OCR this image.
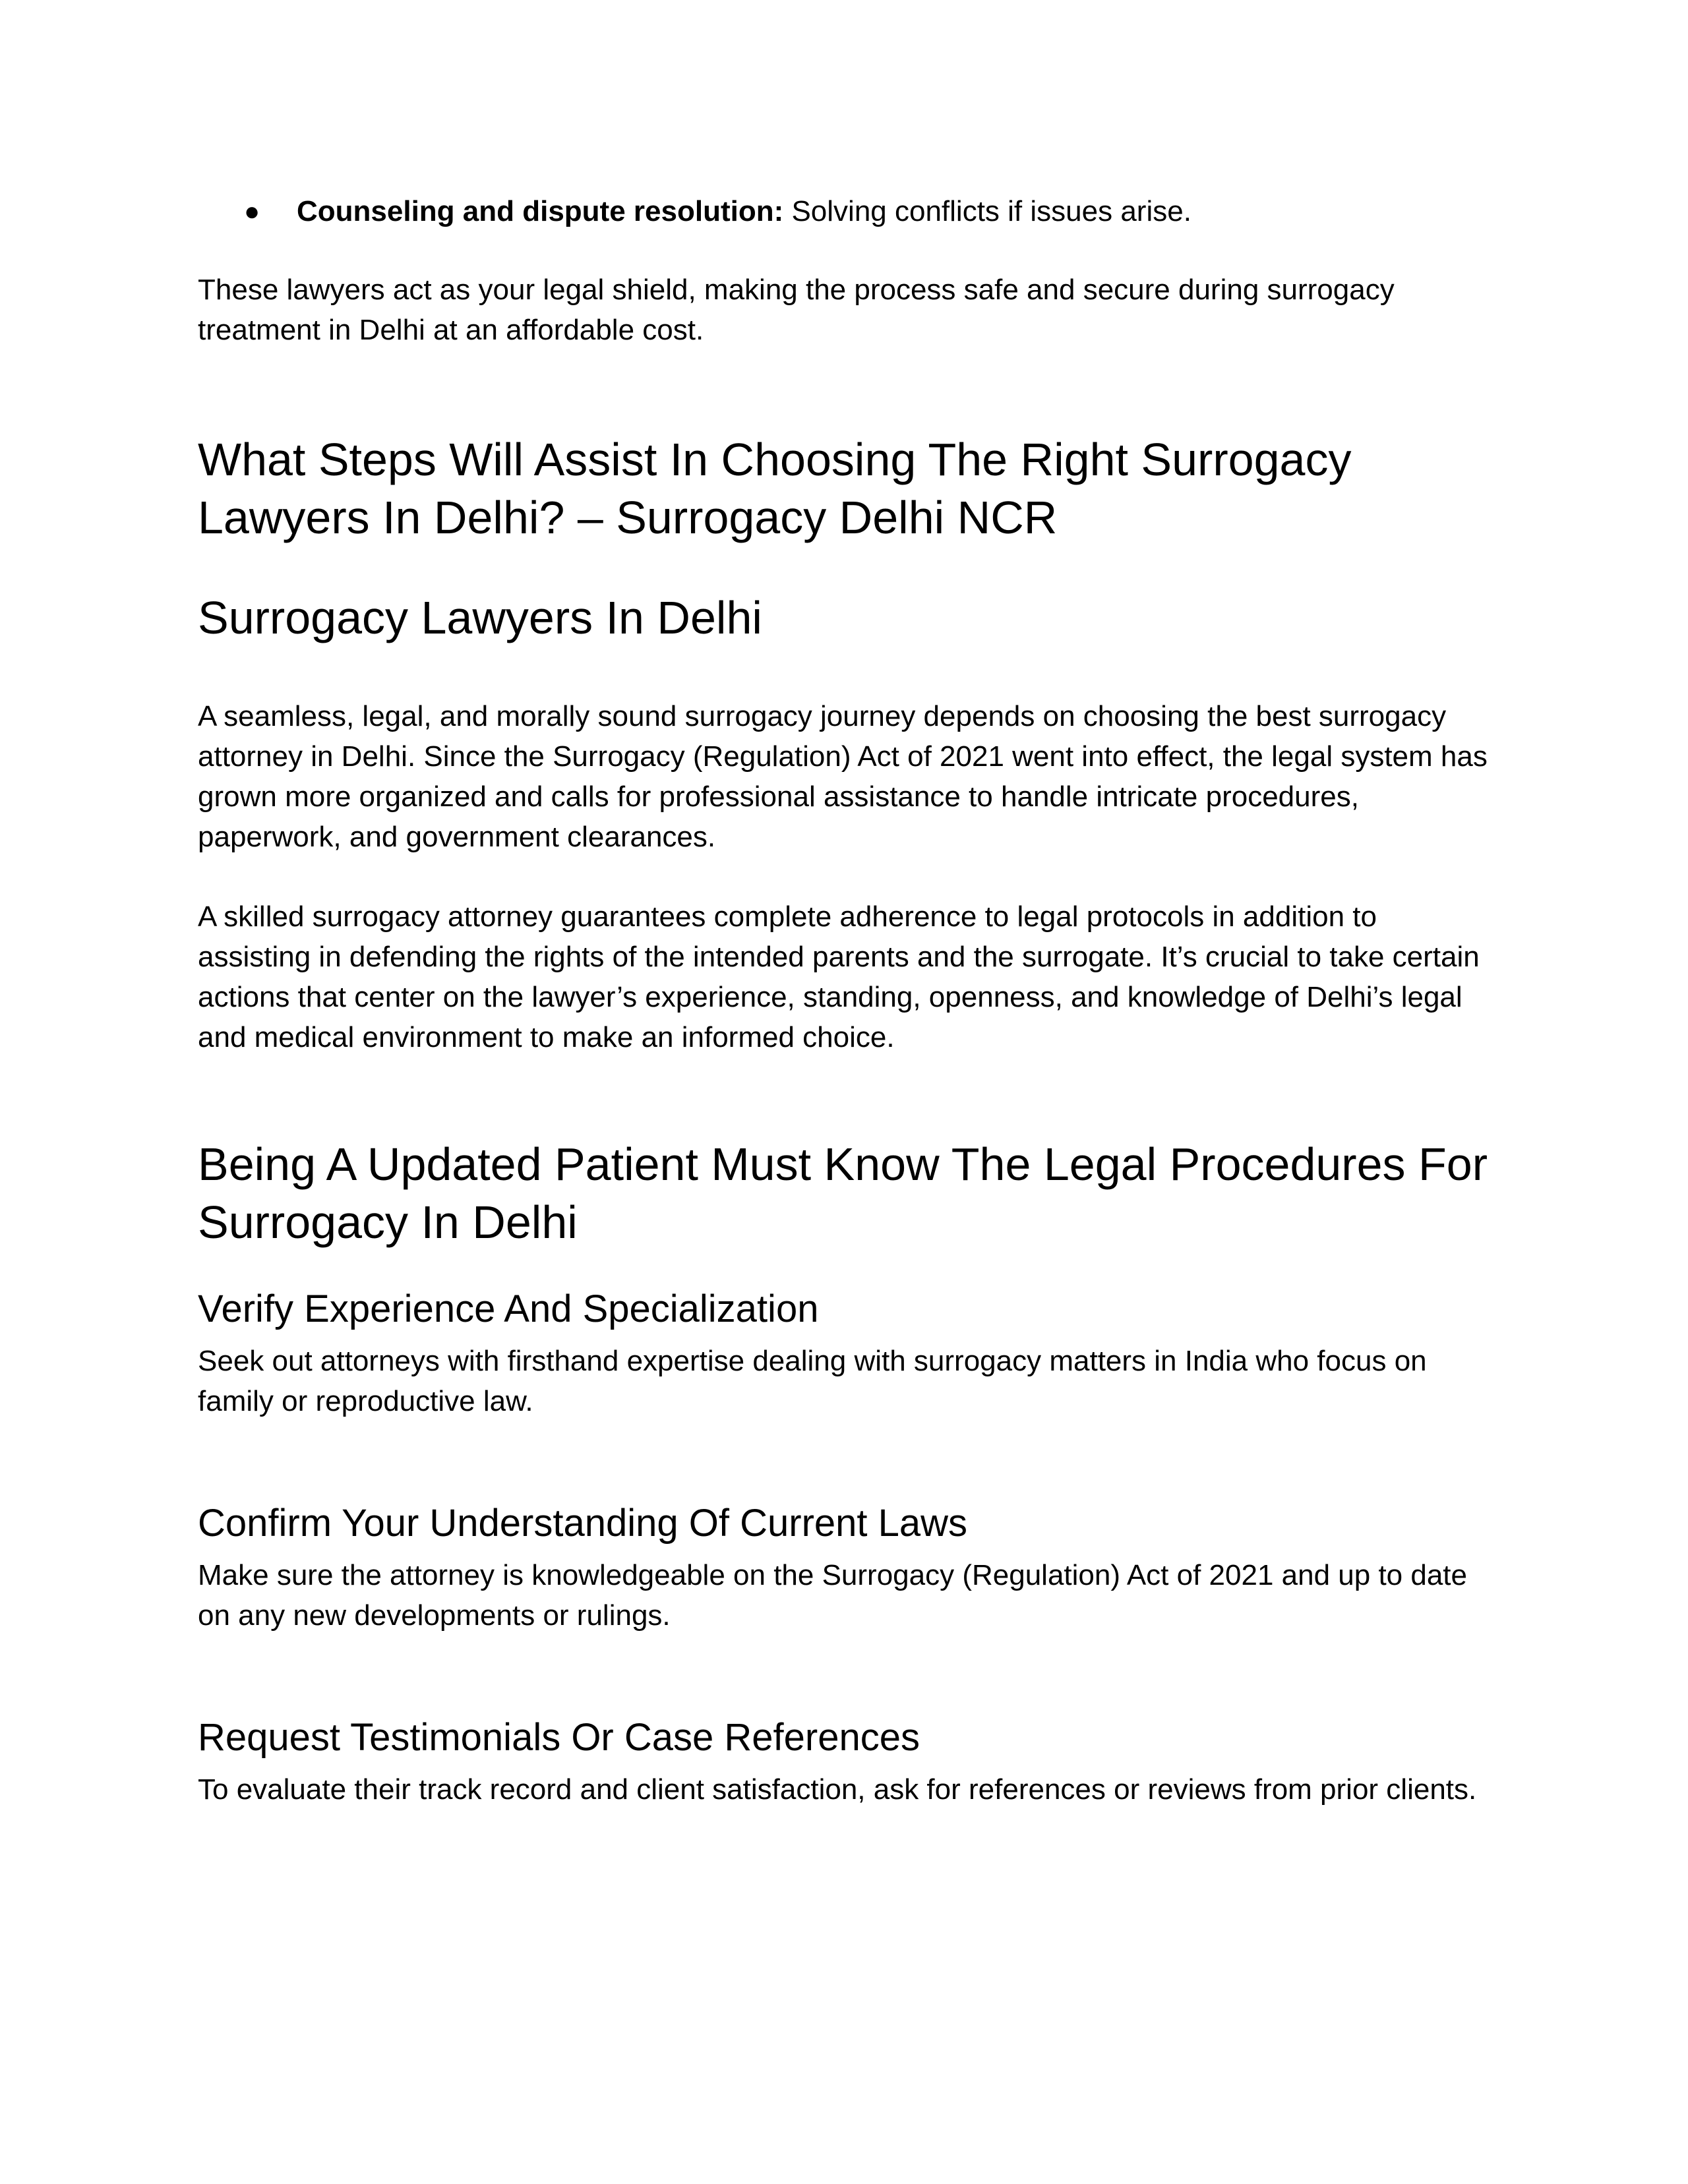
● Counseling and dispute resolution: Solving conflicts if issues arise.

These lawyers act as your legal shield, making the process safe and secure during surrogacy treatment in Delhi at an affordable cost.

What Steps Will Assist In Choosing The Right Surrogacy Lawyers In Delhi? – Surrogacy Delhi NCR
Surrogacy Lawyers In Delhi

A seamless, legal, and morally sound surrogacy journey depends on choosing the best surrogacy attorney in Delhi. Since the Surrogacy (Regulation) Act of 2021 went into effect, the legal system has grown more organized and calls for professional assistance to handle intricate procedures, paperwork, and government clearances.

A skilled surrogacy attorney guarantees complete adherence to legal protocols in addition to assisting in defending the rights of the intended parents and the surrogate. It’s crucial to take certain actions that center on the lawyer’s experience, standing, openness, and knowledge of Delhi’s legal and medical environment to make an informed choice.

Being A Updated Patient Must Know The Legal Procedures For Surrogacy In Delhi
Verify Experience And Specialization

Seek out attorneys with firsthand expertise dealing with surrogacy matters in India who focus on family or reproductive law.

Confirm Your Understanding Of Current Laws

Make sure the attorney is knowledgeable on the Surrogacy (Regulation) Act of 2021 and up to date on any new developments or rulings.

Request Testimonials Or Case References

To evaluate their track record and client satisfaction, ask for references or reviews from prior clients.
